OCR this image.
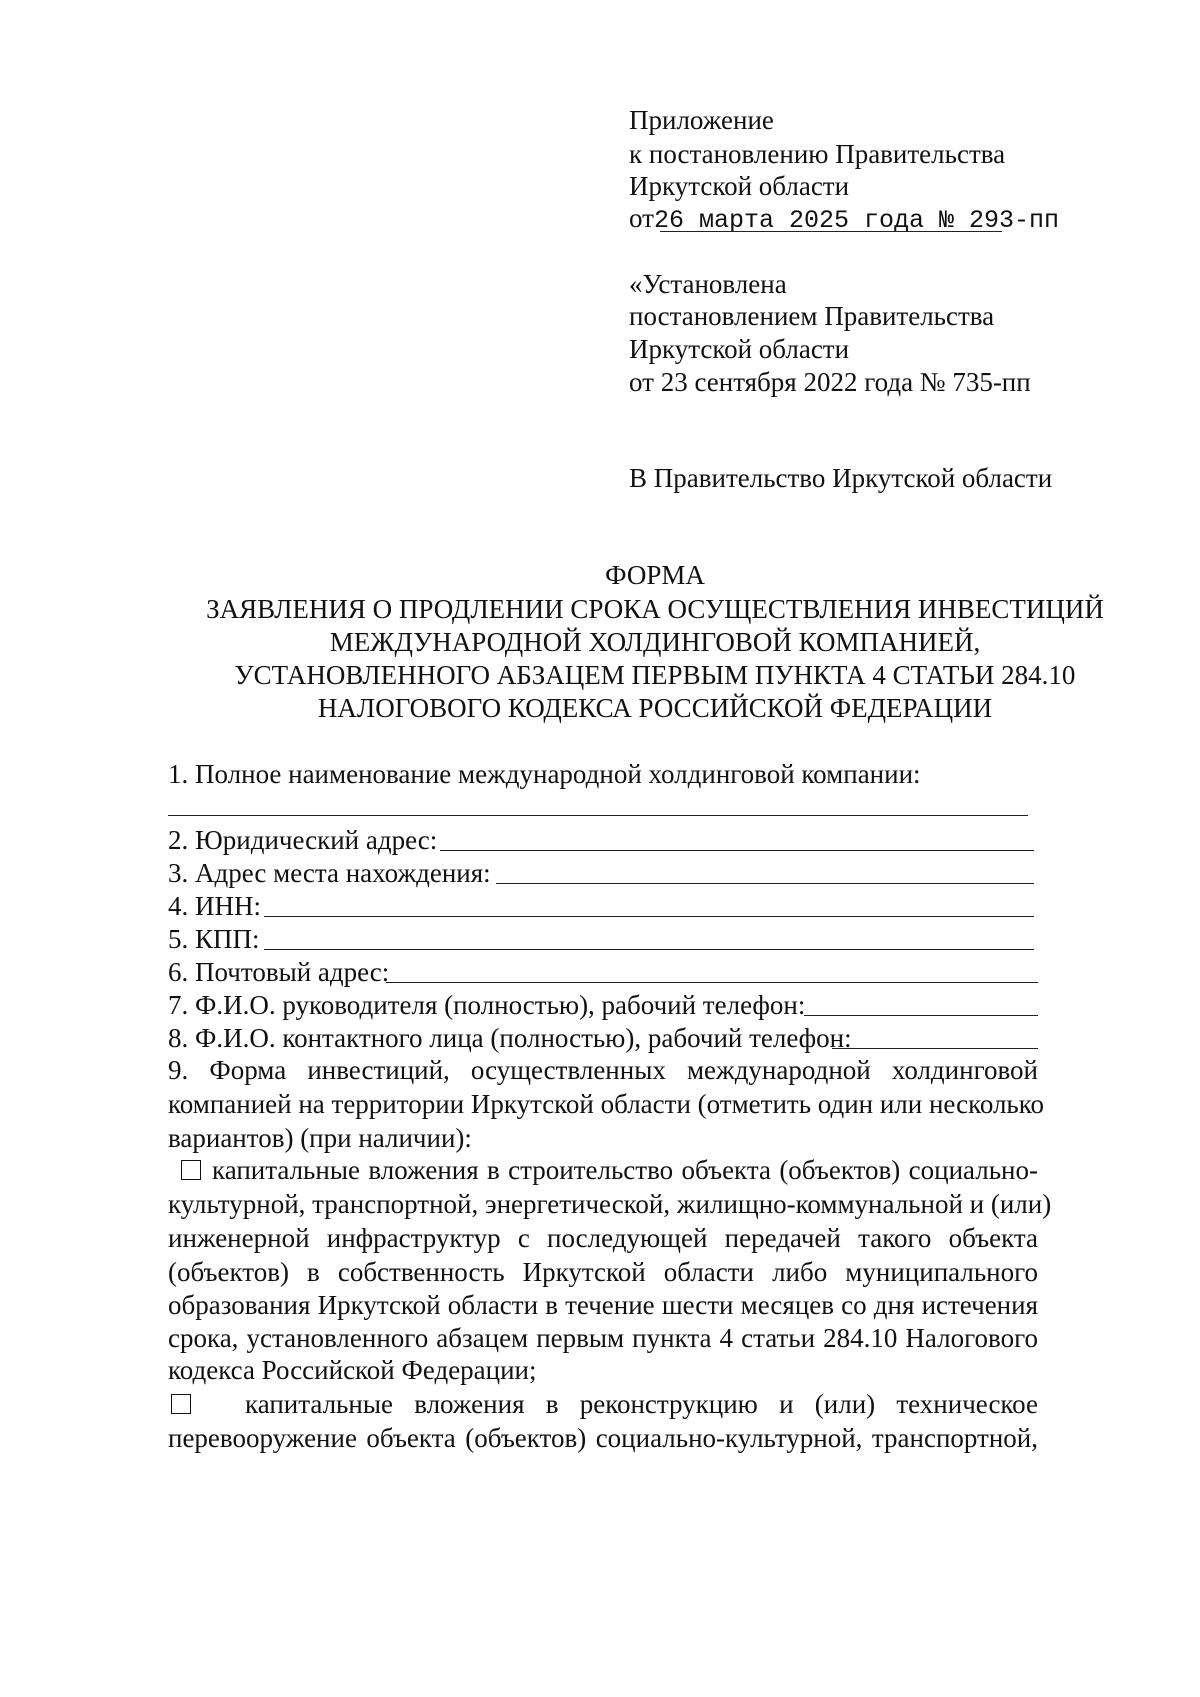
Приложение
к постановлению Правительства
Иркутской области
от26 марта 2025 года № 293-пп
«Установлена
постановлением Правительства
Иркутской области
от 23 сентября 2022 года № 735-пп
В Правительство Иркутской области
ФОРМА
ЗАЯВЛЕНИЯ О ПРОДЛЕНИИ СРОКА ОСУЩЕСТВЛЕНИЯ ИНВЕСТИЦИЙ
МЕЖДУНАРОДНОЙ ХОЛДИНГОВОЙ КОМПАНИЕЙ,
УСТАНОВЛЕННОГО АБЗАЦЕМ ПЕРВЫМ ПУНКТА 4 СТАТЬИ 284.10
НАЛОГОВОГО КОДЕКСА РОССИЙСКОЙ ФЕДЕРАЦИИ
1. Полное наименование международной холдинговой компании:
2. Юридический адрес:
3. Адрес места нахождения:
4. ИНН:
5. КПП:
6. Почтовый адрес:
7. Ф.И.О. руководителя (полностью), рабочий телефон:
8. Ф.И.О. контактного лица (полностью), рабочий телефон:
9. Форма инвестиций, осуществленных международной холдинговой
компанией на территории Иркутской области (отметить один или несколько
вариантов) (при наличии):
капитальные вложения в строительство объекта (объектов) социально-
культурной, транспортной, энергетической, жилищно-коммунальной и (или)
инженерной инфраструктур с последующей передачей такого объекта
(объектов) в собственность Иркутской области либо муниципального
образования Иркутской области в течение шести месяцев со дня истечения
срока, установленного абзацем первым пункта 4 статьи 284.10 Налогового
кодекса Российской Федерации;
капитальные вложения в реконструкцию и (или) техническое
перевооружение объекта (объектов) социально-культурной, транспортной,
